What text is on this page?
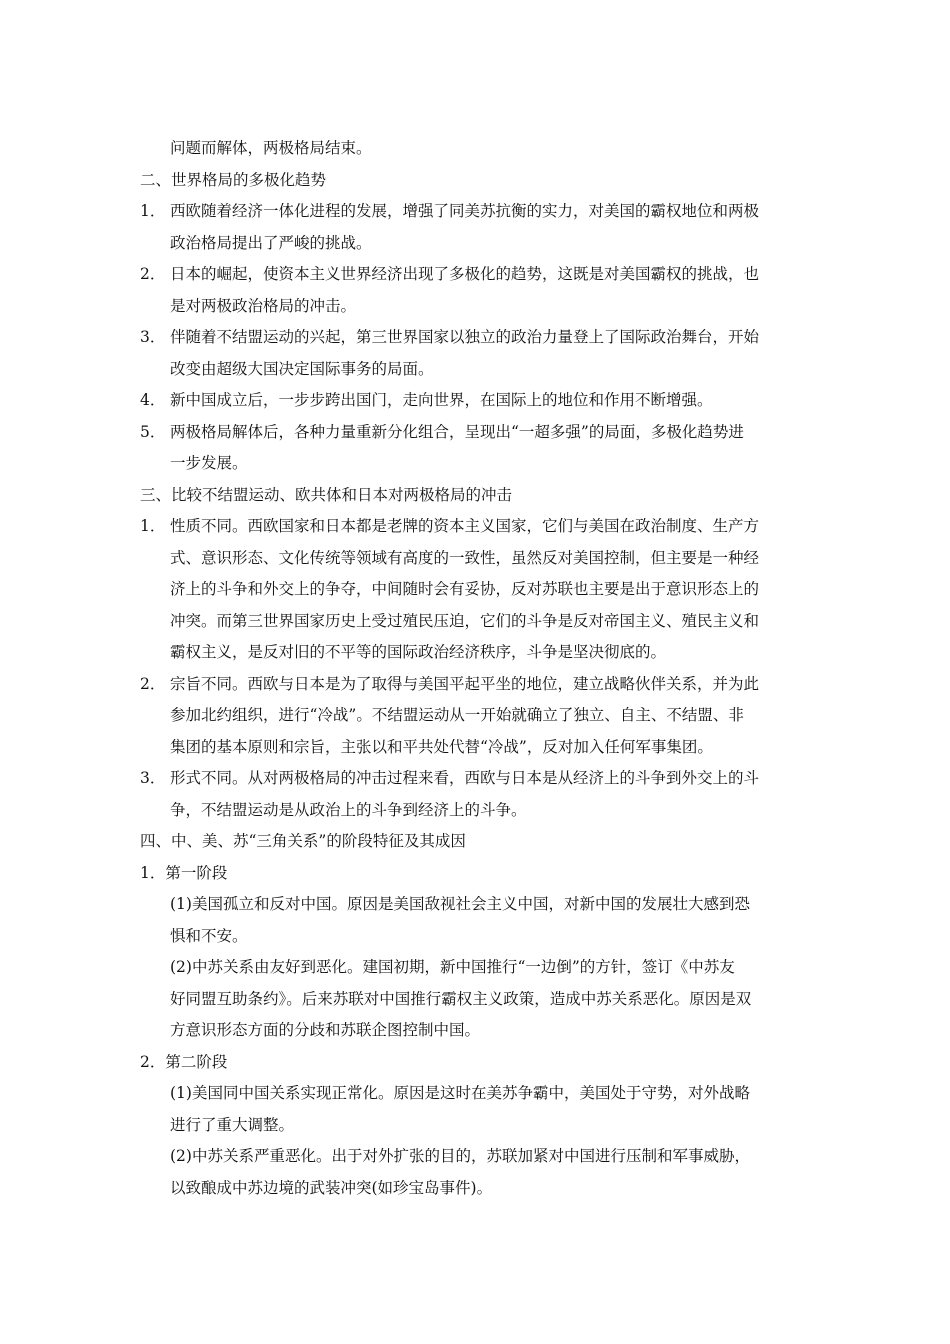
问题而解体，两极格局结束。
二、世界格局的多极化趋势
1． 西欧随着经济一体化进程的发展，增强了同美苏抗衡的实力，对美国的霸权地位和两极
政治格局提出了严峻的挑战。
2． 日本的崛起，使资本主义世界经济出现了多极化的趋势，这既是对美国霸权的挑战，也
是对两极政治格局的冲击。
3． 伴随着不结盟运动的兴起，第三世界国家以独立的政治力量登上了国际政治舞台，开始
改变由超级大国决定国际事务的局面。
4． 新中国成立后，一步步跨出国门，走向世界，在国际上的地位和作用不断增强。
5． 两极格局解体后，各种力量重新分化组合，呈现出“一超多强”的局面，多极化趋势进
一步发展。
三、比较不结盟运动、欧共体和日本对两极格局的冲击
1． 性质不同。西欧国家和日本都是老牌的资本主义国家，它们与美国在政治制度、生产方
式、意识形态、文化传统等领域有高度的一致性，虽然反对美国控制，但主要是一种经
济上的斗争和外交上的争夺，中间随时会有妥协，反对苏联也主要是出于意识形态上的
冲突。而第三世界国家历史上受过殖民压迫，它们的斗争是反对帝国主义、殖民主义和
霸权主义，是反对旧的不平等的国际政治经济秩序，斗争是坚决彻底的。
2． 宗旨不同。西欧与日本是为了取得与美国平起平坐的地位，建立战略伙伴关系，并为此
参加北约组织，进行“冷战”。不结盟运动从一开始就确立了独立、自主、不结盟、非
集团的基本原则和宗旨，主张以和平共处代替“冷战”，反对加入任何军事集团。
3． 形式不同。从对两极格局的冲击过程来看，西欧与日本是从经济上的斗争到外交上的斗
争，不结盟运动是从政治上的斗争到经济上的斗争。
四、中、美、苏“三角关系”的阶段特征及其成因
1．第一阶段
(1)美国孤立和反对中国。原因是美国敌视社会主义中国，对新中国的发展壮大感到恐
惧和不安。
(2)中苏关系由友好到恶化。建国初期，新中国推行“一边倒”的方针，签订《中苏友
好同盟互助条约》。后来苏联对中国推行霸权主义政策，造成中苏关系恶化。原因是双
方意识形态方面的分歧和苏联企图控制中国。
2．第二阶段
(1)美国同中国关系实现正常化。原因是这时在美苏争霸中，美国处于守势，对外战略
进行了重大调整。
(2)中苏关系严重恶化。出于对外扩张的目的，苏联加紧对中国进行压制和军事威胁，
以致酿成中苏边境的武装冲突(如珍宝岛事件)。
